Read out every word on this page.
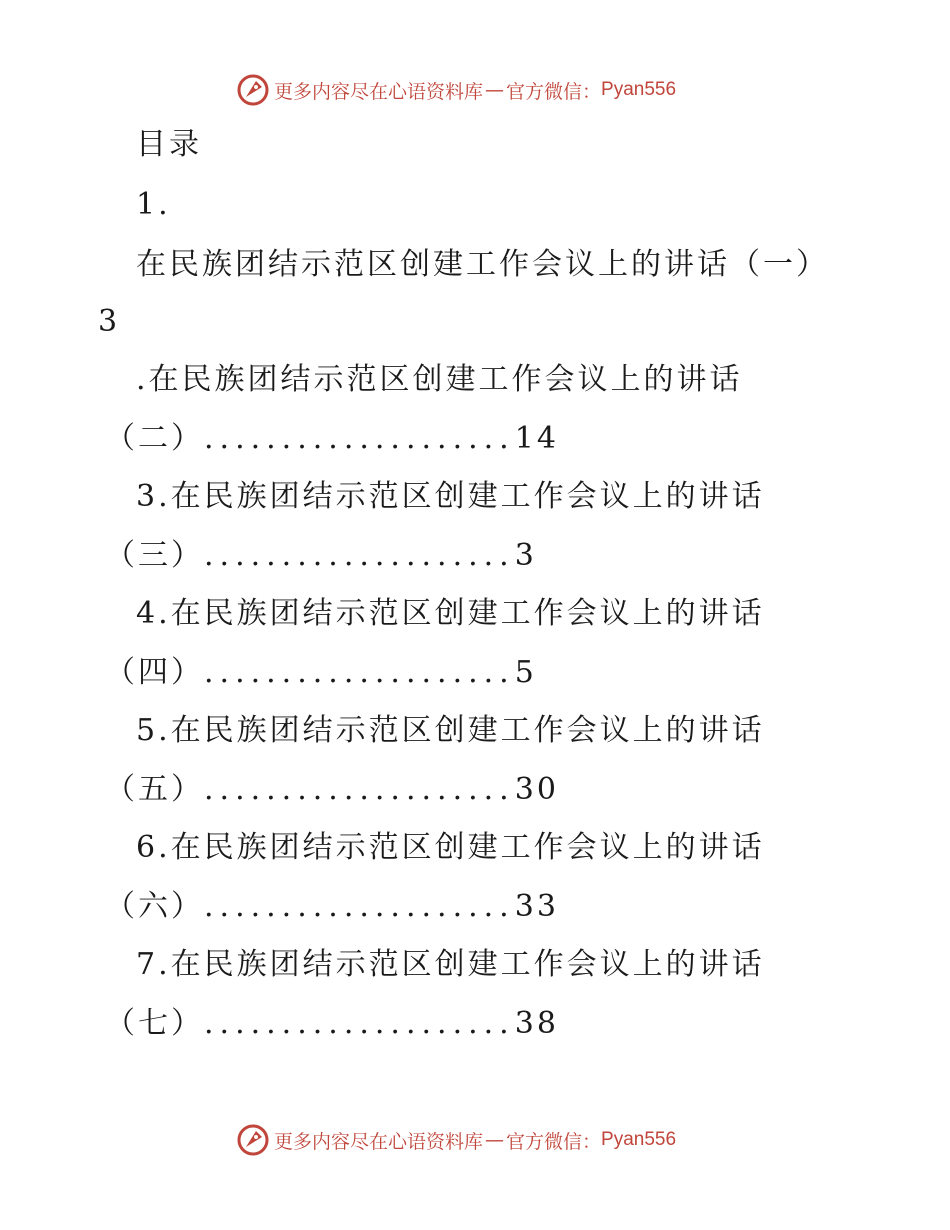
更多内容尽在心语资料库 — 官方微信： Pyan556
目录
1.
在民族团结示范区创建工作会议上的讲话（一）
3
.在民族团结示范区创建工作会议上的讲话
（二）....................14
3.在民族团结示范区创建工作会议上的讲话
（三）....................3
4.在民族团结示范区创建工作会议上的讲话
（四）....................5
5.在民族团结示范区创建工作会议上的讲话
（五）....................30
6.在民族团结示范区创建工作会议上的讲话
（六）....................33
7.在民族团结示范区创建工作会议上的讲话
（七）....................38
更多内容尽在心语资料库 — 官方微信： Pyan556
